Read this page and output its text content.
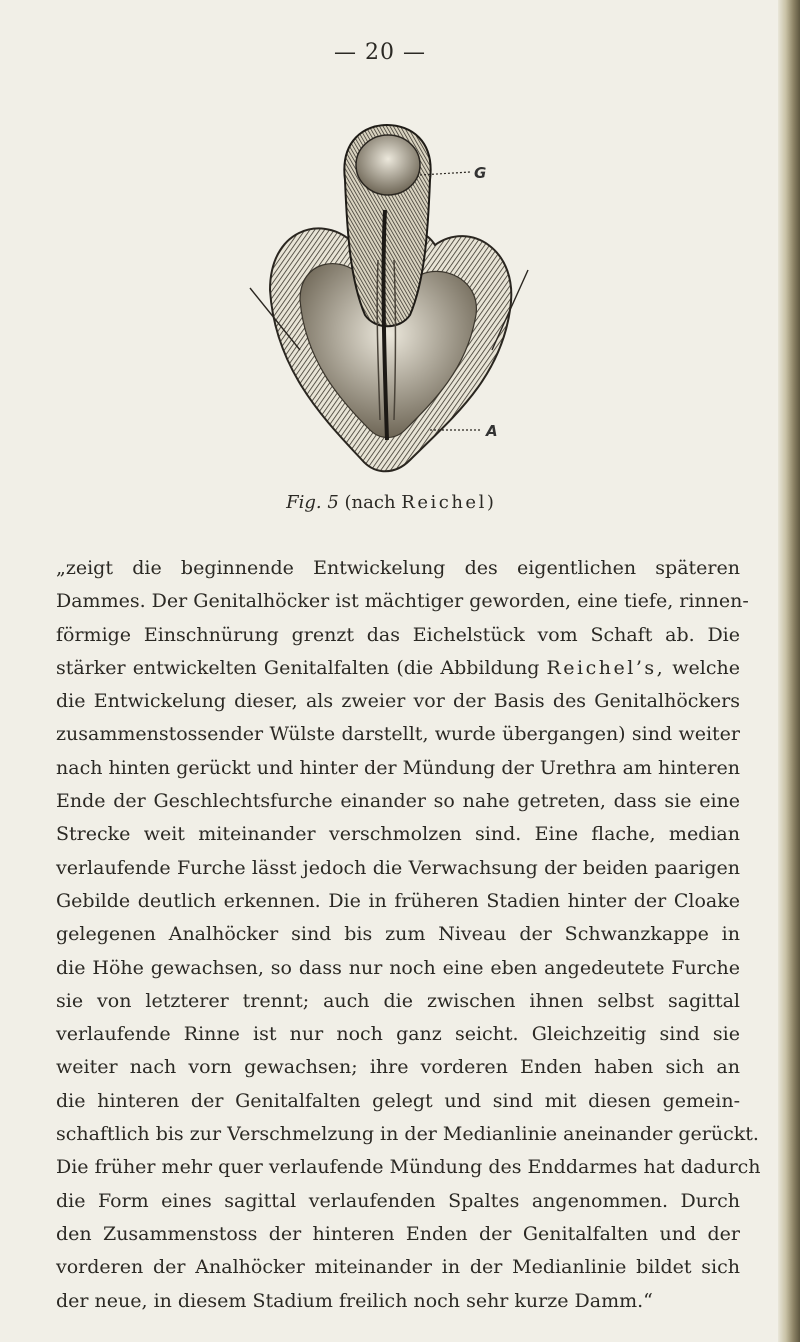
— 20 —
G
A
Fig. 5 (nach Reichel)
„zeigt die beginnende Entwickelung des eigentlichen späteren
Dammes. Der Genitalhöcker ist mächtiger geworden, eine tiefe, rinnen-
förmige Einschnürung grenzt das Eichelstück vom Schaft ab. Die
stärker entwickelten Genitalfalten (die Abbildung Reichel’s, welche
die Entwickelung dieser, als zweier vor der Basis des Genitalhöckers
zusammenstossender Wülste darstellt, wurde übergangen) sind weiter
nach hinten gerückt und hinter der Mündung der Urethra am hinteren
Ende der Geschlechtsfurche einander so nahe getreten, dass sie eine
Strecke weit miteinander verschmolzen sind. Eine flache, median
verlaufende Furche lässt jedoch die Verwachsung der beiden paarigen
Gebilde deutlich erkennen. Die in früheren Stadien hinter der Cloake
gelegenen Analhöcker sind bis zum Niveau der Schwanzkappe in
die Höhe gewachsen, so dass nur noch eine eben angedeutete Furche
sie von letzterer trennt; auch die zwischen ihnen selbst sagittal
verlaufende Rinne ist nur noch ganz seicht. Gleichzeitig sind sie
weiter nach vorn gewachsen; ihre vorderen Enden haben sich an
die hinteren der Genitalfalten gelegt und sind mit diesen gemein-
schaftlich bis zur Verschmelzung in der Medianlinie aneinander gerückt.
Die früher mehr quer verlaufende Mündung des Enddarmes hat dadurch
die Form eines sagittal verlaufenden Spaltes angenommen. Durch
den Zusammenstoss der hinteren Enden der Genitalfalten und der
vorderen der Analhöcker miteinander in der Medianlinie bildet sich
der neue, in diesem Stadium freilich noch sehr kurze Damm.“
